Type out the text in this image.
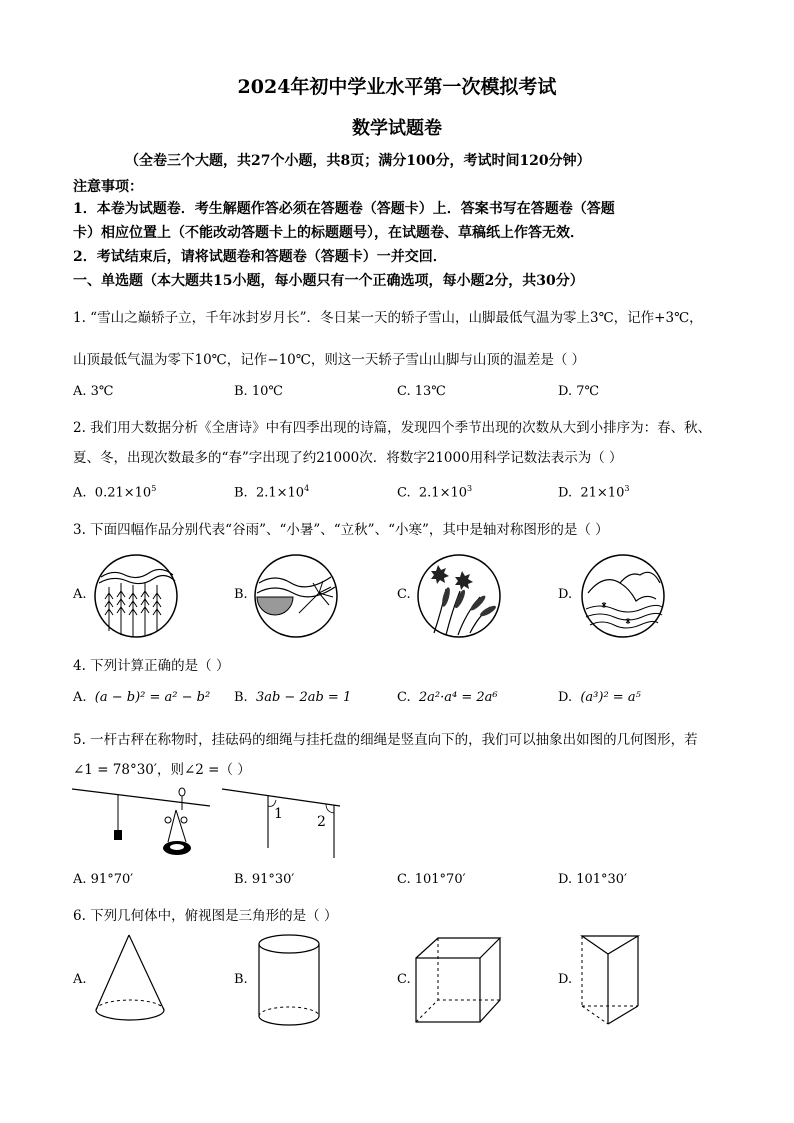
2024年初中学业水平第一次模拟考试
数学试题卷
（全卷三个大题，共27个小题，共8页；满分100分，考试时间120分钟）
注意事项：
1．本卷为试题卷．考生解题作答必须在答题卷（答题卡）上．答案书写在答题卷（答题
卡）相应位置上（不能改动答题卡上的标题题号），在试题卷、草稿纸上作答无效．
2．考试结束后，请将试题卷和答题卷（答题卡）一并交回．
一、单选题（本大题共15小题，每小题只有一个正确选项，每小题2分，共30分）
1. “雪山之巅轿子立，千年冰封岁月长”．冬日某一天的轿子雪山，山脚最低气温为零上3℃，记作+3℃，
山顶最低气温为零下10℃，记作−10℃，则这一天轿子雪山山脚与山顶的温差是（ ）
A. 3℃	B. 10℃	C. 13℃	D. 7℃
2. 我们用大数据分析《全唐诗》中有四季出现的诗篇，发现四个季节出现的次数从大到小排序为：春、秋、
夏、冬，出现次数最多的“春”字出现了约21000次．将数字21000用科学记数法表示为（ ）
A. $0.21\times 10^5$	B. $2.1\times 10^4$	C. $2.1\times 10^3$	D. $21\times 10^3$
3. 下面四幅作品分别代表“谷雨”、“小暑”、“立秋”、“小寒”，其中是轴对称图形的是（ ）
A.	B.	C.	D.
4. 下列计算正确的是（ ）
A. (a − b)² = a² − b² B. 3ab − 2ab = 1	C. 2a²·a⁴ = 2a⁶	D. (a³)² = a⁵
5. 一杆古秤在称物时，挂砝码的细绳与挂托盘的细绳是竖直向下的，我们可以抽象出如图的几何图形，若
∠1 = 78°30′，则∠2 =（ ）
1 2
A. 91°70′	B. 91°30′	C. 101°70′	D. 101°30′
6. 下列几何体中，俯视图是三角形的是（ ）
A.	B.	C.	D.
